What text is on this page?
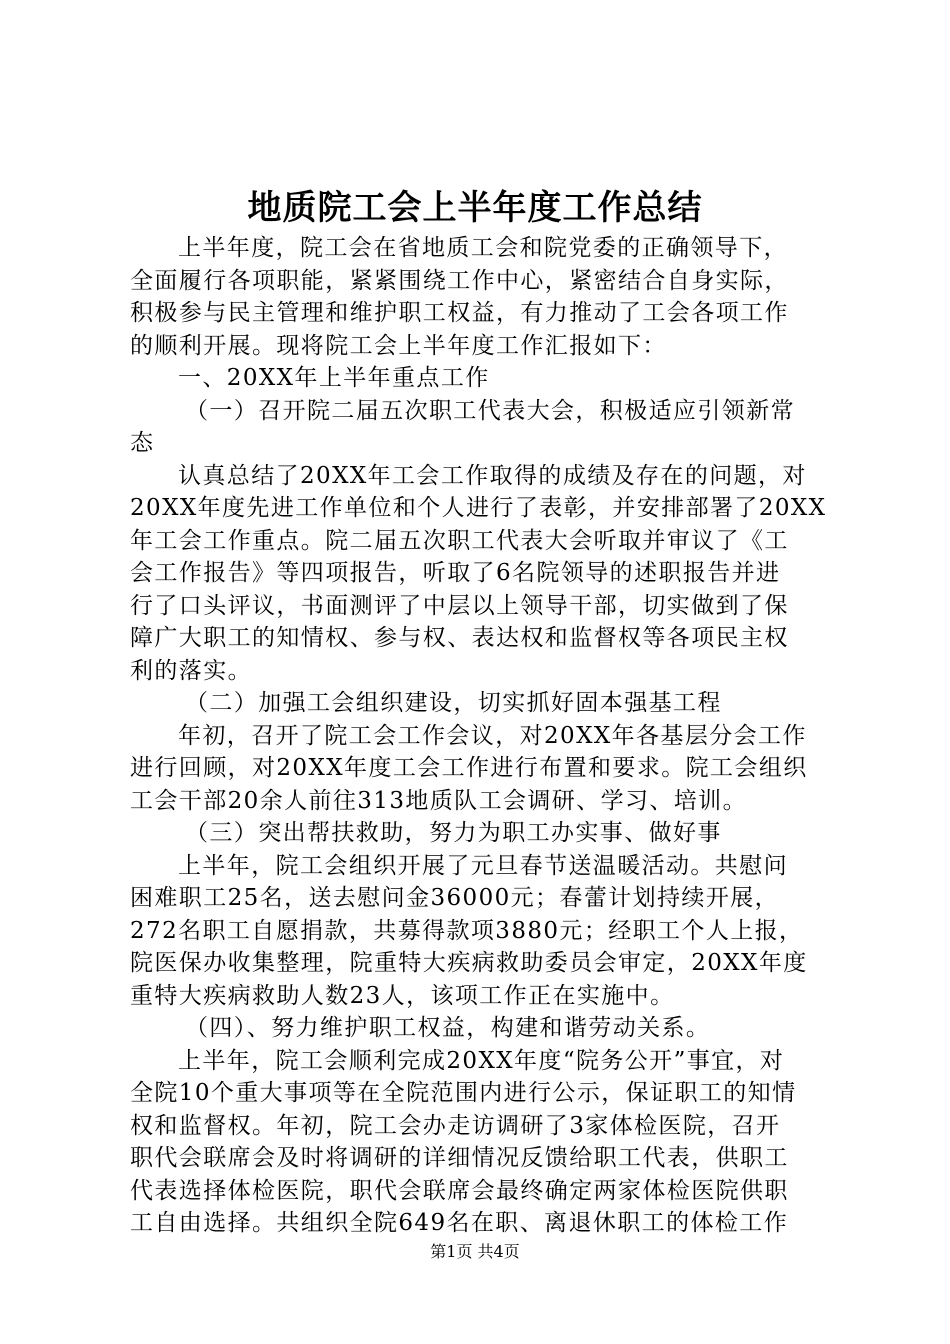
地质院工会上半年度工作总结
上半年度，院工会在省地质工会和院党委的正确领导下，
全面履行各项职能，紧紧围绕工作中心，紧密结合自身实际，
积极参与民主管理和维护职工权益，有力推动了工会各项工作
的顺利开展。现将院工会上半年度工作汇报如下：
一、20XX年上半年重点工作
（一）召开院二届五次职工代表大会，积极适应引领新常
态
认真总结了20XX年工会工作取得的成绩及存在的问题，对
20XX年度先进工作单位和个人进行了表彰，并安排部署了20XX
年工会工作重点。院二届五次职工代表大会听取并审议了《工
会工作报告》等四项报告，听取了6名院领导的述职报告并进
行了口头评议，书面测评了中层以上领导干部，切实做到了保
障广大职工的知情权、参与权、表达权和监督权等各项民主权
利的落实。
（二）加强工会组织建设，切实抓好固本强基工程
年初，召开了院工会工作会议，对20XX年各基层分会工作
进行回顾，对20XX年度工会工作进行布置和要求。院工会组织
工会干部20余人前往313地质队工会调研、学习、培训。
（三）突出帮扶救助，努力为职工办实事、做好事
上半年，院工会组织开展了元旦春节送温暖活动。共慰问
困难职工25名，送去慰问金36000元；春蕾计划持续开展，
272名职工自愿捐款，共募得款项3880元；经职工个人上报，
院医保办收集整理，院重特大疾病救助委员会审定，20XX年度
重特大疾病救助人数23人，该项工作正在实施中。
（四）、努力维护职工权益，构建和谐劳动关系。
上半年，院工会顺利完成20XX年度“院务公开”事宜，对
全院10个重大事项等在全院范围内进行公示，保证职工的知情
权和监督权。年初，院工会办走访调研了3家体检医院，召开
职代会联席会及时将调研的详细情况反馈给职工代表，供职工
代表选择体检医院，职代会联席会最终确定两家体检医院供职
工自由选择。共组织全院649名在职、离退休职工的体检工作
第1页 共4页
